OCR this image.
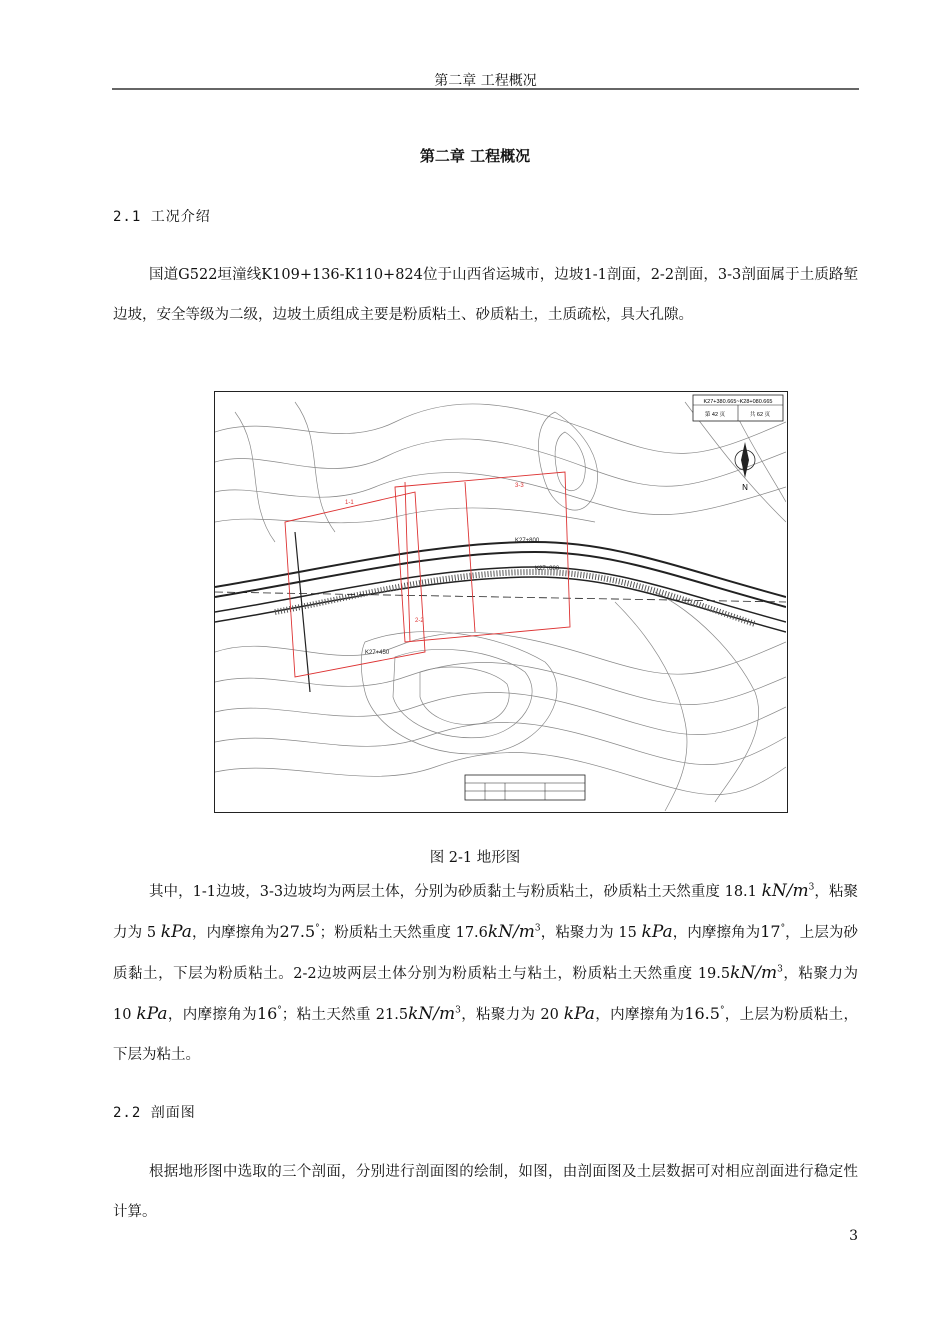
第二章 工程概况
第二章 工程概况
2.1 工况介绍
国道G522垣潼线K109+136-K110+824位于山西省运城市，边坡1-1剖面，2-2剖面，3-3剖面属于土质路堑边坡，安全等级为二级，边坡土质组成主要是粉质粘土、砂质粘土，土质疏松，具大孔隙。
K27+380.665~K28+080.665
第 42 页	共 62 页
N
K27+450
K27+800
K27+880
1-1
2-2
3-3
图 2-1 地形图
其中，1-1边坡，3-3边坡均为两层土体，分别为砂质黏土与粉质粘土，砂质粘土天然重度 18.1 $kN/m^3$，粘聚力为 5 kPa，内摩擦角为27.5°；粉质粘土天然重度 $17.6kN/m^3$，粘聚力为 15 kPa，内摩擦角为17°，上层为砂质黏土，下层为粉质粘土。2-2边坡两层土体分别为粉质粘土与粘土，粉质粘土天然重度 $19.5kN/m^3$，粘聚力为 10 kPa，内摩擦角为16°；粘土天然重 $21.5kN/m^3$，粘聚力为 20 kPa，内摩擦角为16.5°，上层为粉质粘土，下层为粘土。
2.2 剖面图
根据地形图中选取的三个剖面，分别进行剖面图的绘制，如图，由剖面图及土层数据可对相应剖面进行稳定性计算。
3
